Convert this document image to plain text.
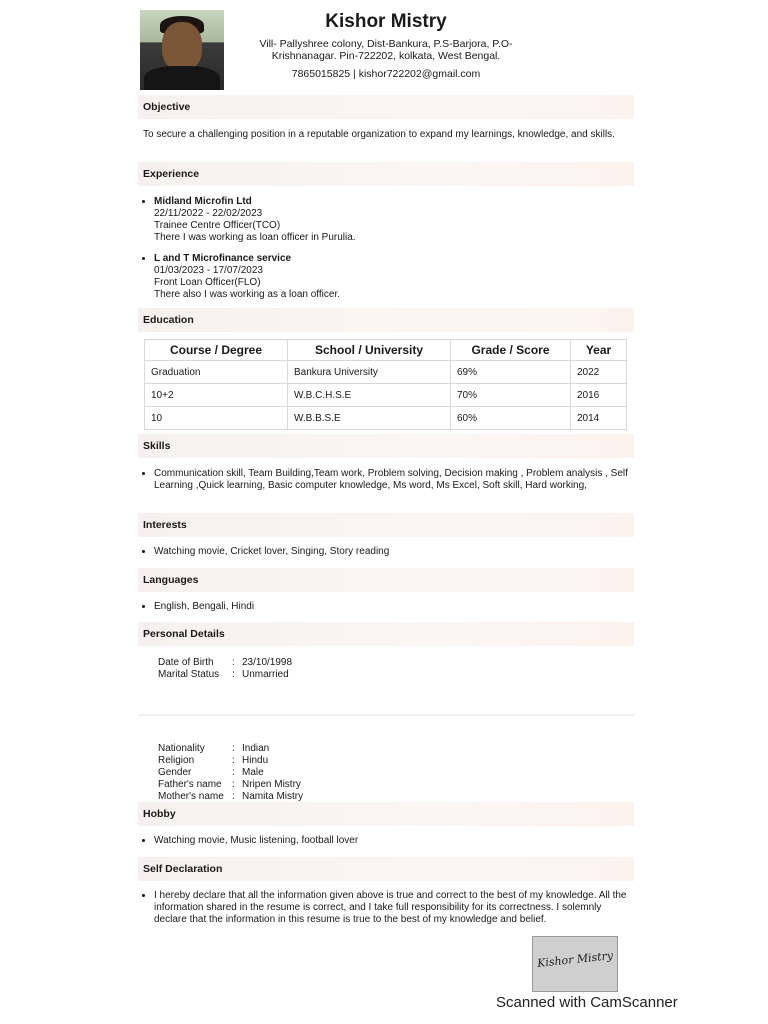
Kishor Mistry
Vill- Pallyshree colony, Dist-Bankura, P.S-Barjora, P.O-
Krishnanagar. Pin-722202, kolkata, West Bengal.
7865015825 | kishor722202@gmail.com
Objective
To secure a challenging position in a reputable organization to expand my learnings, knowledge, and skills.
Experience
• Midland Microfin Ltd
22/11/2022 - 22/02/2023
Trainee Centre Officer(TCO)
There I was working as loan officer in Purulia.
• L and T Microfinance service
01/03/2023 - 17/07/2023
Front Loan Officer(FLO)
There also I was working as a loan officer.
Education
Course / Degree	School / University	Grade / Score	Year
Graduation	Bankura University	69%	2022
10+2	W.B.C.H.S.E	70%	2016
10	W.B.B.S.E	60%	2014
Skills
• Communication skill, Team Building,Team work, Problem solving, Decision making , Problem analysis , Self Learning ,Quick learning, Basic computer knowledge, Ms word, Ms Excel, Soft skill, Hard working,
Interests
• Watching movie, Cricket lover, Singing, Story reading
Languages
• English, Bengali, Hindi
Personal Details
Date of Birth	: 23/10/1998
Marital Status	: Unmarried
Nationality	: Indian
Religion	: Hindu
Gender	: Male
Father's name	: Nripen Mistry
Mother's name : Namita Mistry
Hobby
• Watching movie, Music listening, football lover
Self Declaration
• I hereby declare that all the information given above is true and correct to the best of my knowledge. All the information shared in the resume is correct, and I take full responsibility for its correctness. I solemnly declare that the information in this resume is true to the best of my knowledge and belief.
Kishor Mistry
Scanned with CamScanner
